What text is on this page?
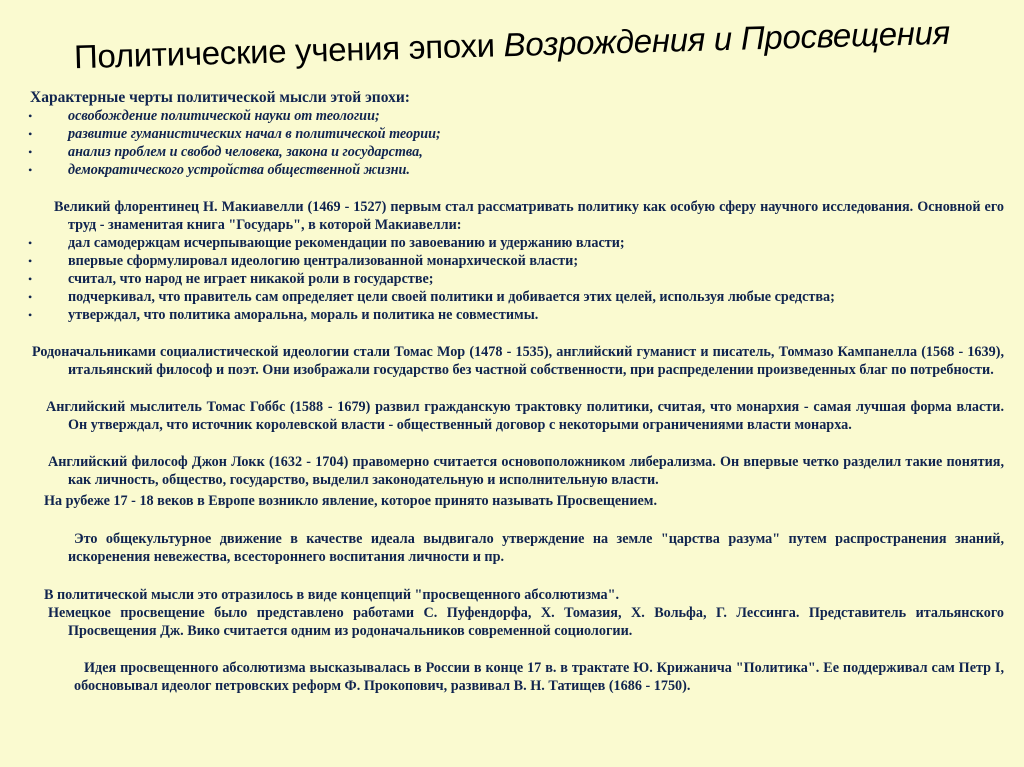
Политические учения эпохи Возрождения и Просвещения
Характерные черты политической мысли этой эпохи:
• освобождение политической науки от теологии;
• развитие гуманистических начал в политической теории;
• анализ проблем и свобод человека, закона и государства,
• демократического устройства общественной жизни.
Великий флорентинец Н. Макиавелли (1469 - 1527) первым стал рассматривать политику как особую сферу научного исследования. Основной его труд - знаменитая книга "Государь", в которой Макиавелли:
• дал самодержцам исчерпывающие рекомендации по завоеванию и удержанию власти;
• впервые сформулировал идеологию централизованной монархической власти;
• считал, что народ не играет никакой роли в государстве;
• подчеркивал, что правитель сам определяет цели своей политики и добивается этих целей, используя любые средства;
• утверждал, что политика аморальна, мораль и политика не совместимы.
Родоначальниками социалистической идеологии стали Томас Мор (1478 - 1535), английский гуманист и писатель, Томмазо Кампанелла (1568 - 1639), итальянский философ и поэт. Они изображали государство без частной собственности, при распределении произведенных благ по потребности.
Английский мыслитель Томас Гоббс (1588 - 1679) развил гражданскую трактовку политики, считая, что монархия - самая лучшая форма власти. Он утверждал, что источник королевской власти - общественный договор с некоторыми ограничениями власти монарха.
Английский философ Джон Локк (1632 - 1704) правомерно считается основоположником либерализма. Он впервые четко разделил такие понятия, как личность, общество, государство, выделил законодательную и исполнительную власти.
На рубеже 17 - 18 веков в Европе возникло явление, которое принято называть Просвещением.
Это общекультурное движение в качестве идеала выдвигало утверждение на земле "царства разума" путем распространения знаний, искоренения невежества, всестороннего воспитания личности и пр.
В политической мысли это отразилось в виде концепций "просвещенного абсолютизма".
Немецкое просвещение было представлено работами С. Пуфендорфа, Х. Томазия, Х. Вольфа, Г. Лессинга. Представитель итальянского Просвещения Дж. Вико считается одним из родоначальников современной социологии.
Идея просвещенного абсолютизма высказывалась в России в конце 17 в. в трактате Ю. Крижанича "Политика". Ее поддерживал сам Петр I, обосновывал идеолог петровских реформ Ф. Прокопович, развивал В. Н. Татищев (1686 - 1750).
